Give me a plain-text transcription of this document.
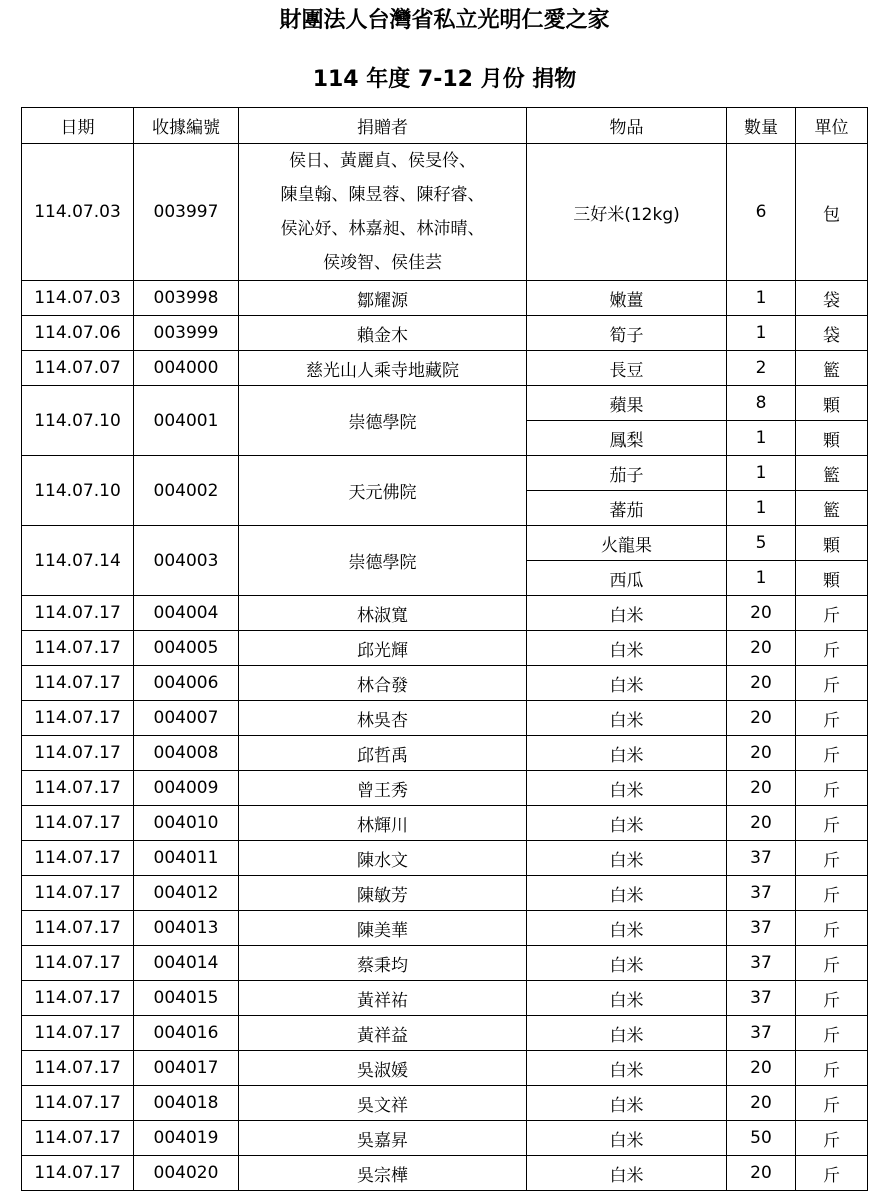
財團法人台灣省私立光明仁愛之家
114 年度 7-12 月份 捐物
日期	收據編號	捐贈者	物品	數量	單位
114.07.03	003997	侯日、黃麗貞、侯旻伶、
陳皇翰、陳昱蓉、陳秄睿、
侯沁妤、林嘉昶、林沛晴、
侯竣智、侯佳芸	三好米(12kg)	6	包
114.07.03	003998	鄒耀源	嫩薑	1	袋
114.07.06	003999	賴金木	筍子	1	袋
114.07.07	004000	慈光山人乘寺地藏院	長豆	2	籃
114.07.10	004001	崇德學院	蘋果	8	顆
			鳳梨	1	顆
114.07.10	004002	天元佛院	茄子	1	籃
			蕃茄	1	籃
114.07.14	004003	崇德學院	火龍果	5	顆
			西瓜	1	顆
114.07.17	004004	林淑寬	白米	20	斤
114.07.17	004005	邱光輝	白米	20	斤
114.07.17	004006	林合發	白米	20	斤
114.07.17	004007	林吳杏	白米	20	斤
114.07.17	004008	邱哲禹	白米	20	斤
114.07.17	004009	曾王秀	白米	20	斤
114.07.17	004010	林輝川	白米	20	斤
114.07.17	004011	陳水文	白米	37	斤
114.07.17	004012	陳敏芳	白米	37	斤
114.07.17	004013	陳美華	白米	37	斤
114.07.17	004014	蔡秉均	白米	37	斤
114.07.17	004015	黃祥祐	白米	37	斤
114.07.17	004016	黃祥益	白米	37	斤
114.07.17	004017	吳淑媛	白米	20	斤
114.07.17	004018	吳文祥	白米	20	斤
114.07.17	004019	吳嘉昇	白米	50	斤
114.07.17	004020	吳宗樺	白米	20	斤
